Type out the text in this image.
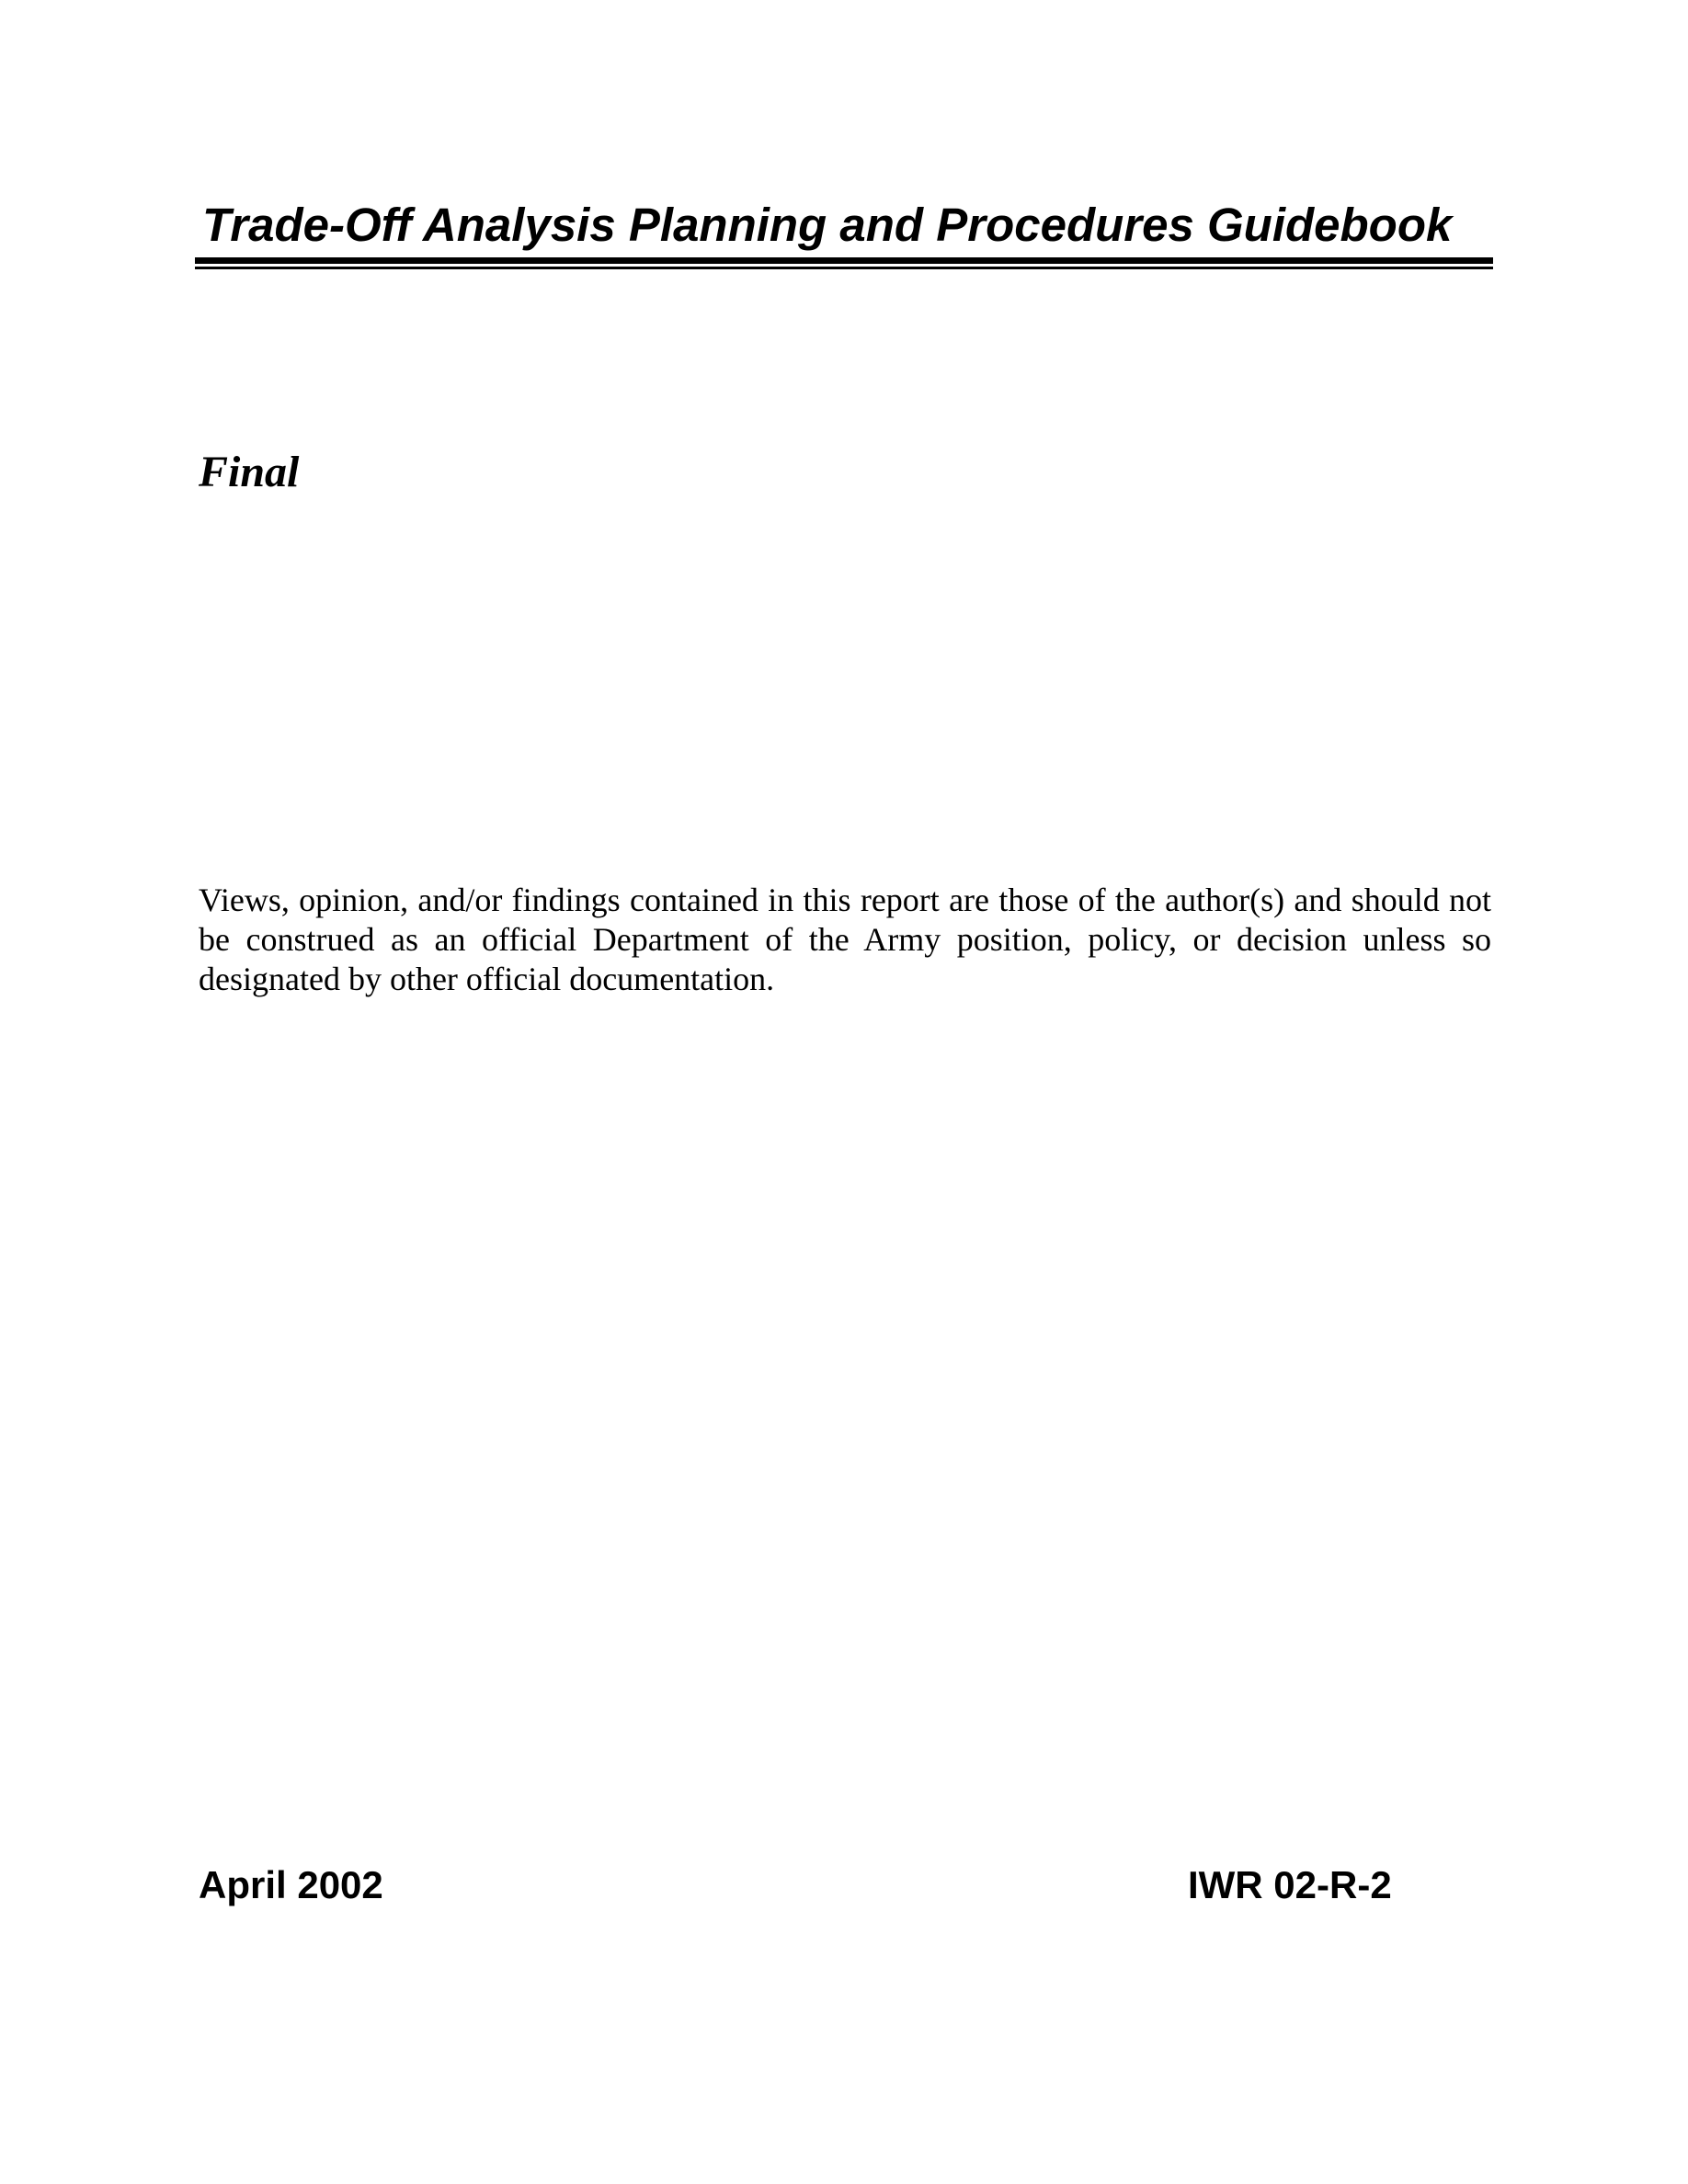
Trade-Off Analysis Planning and Procedures Guidebook

Final

Views, opinion, and/or findings contained in this report are those of the author(s) and should not be construed as an official Department of the Army position, policy, or decision unless so designated by other official documentation.

April 2002	IWR 02-R-2
